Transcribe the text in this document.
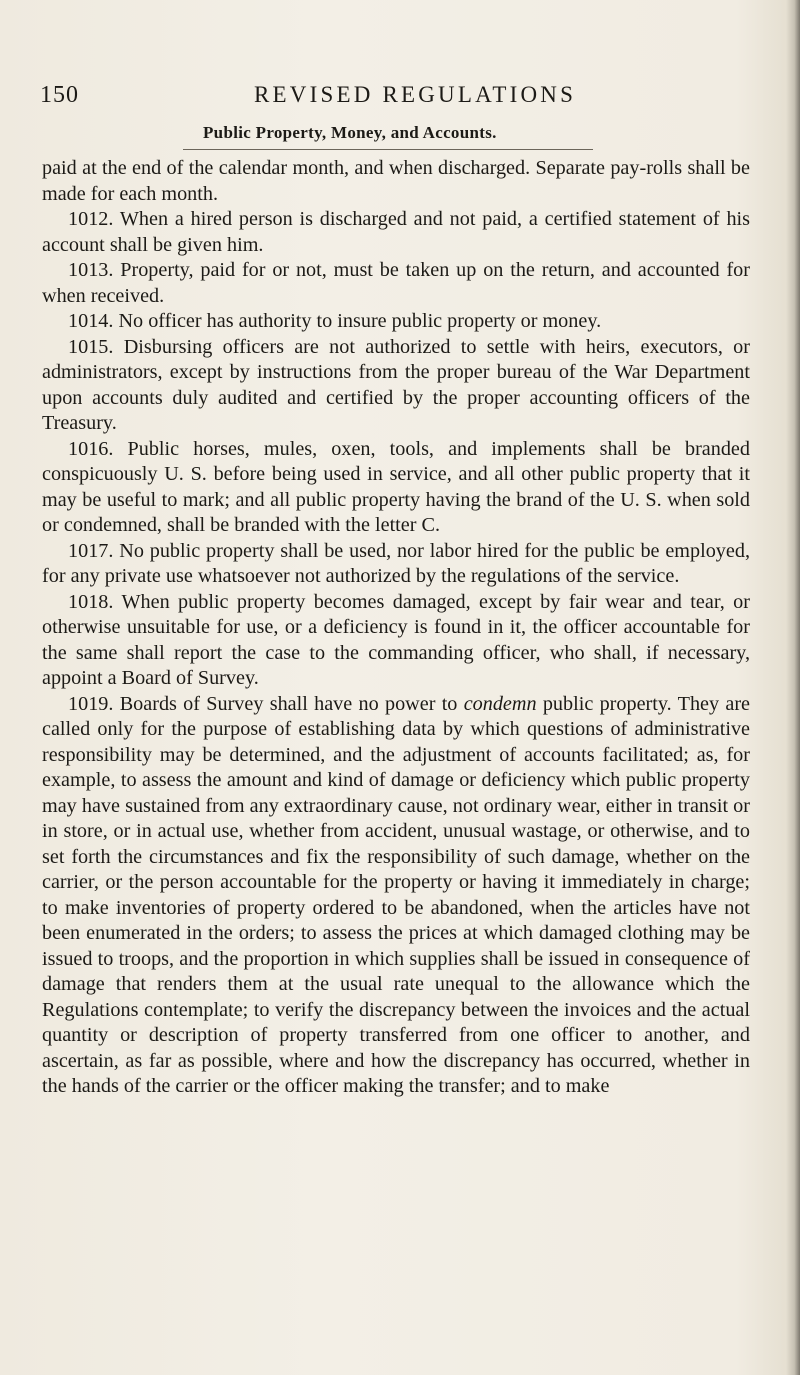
150	REVISED REGULATIONS
Public Property, Money, and Accounts.

paid at the end of the calendar month, and when discharged. Separate pay-rolls shall be made for each month.

1012. When a hired person is discharged and not paid, a certified statement of his account shall be given him.

1013. Property, paid for or not, must be taken up on the return, and accounted for when received.

1014. No officer has authority to insure public property or money.

1015. Disbursing officers are not authorized to settle with heirs, executors, or administrators, except by instructions from the proper bureau of the War Department upon accounts duly audited and certified by the proper accounting officers of the Treasury.

1016. Public horses, mules, oxen, tools, and implements shall be branded conspicuously U. S. before being used in service, and all other public property that it may be useful to mark; and all public property having the brand of the U. S. when sold or condemned, shall be branded with the letter C.

1017. No public property shall be used, nor labor hired for the public be employed, for any private use whatsoever not authorized by the regulations of the service.

1018. When public property becomes damaged, except by fair wear and tear, or otherwise unsuitable for use, or a deficiency is found in it, the officer accountable for the same shall report the case to the commanding officer, who shall, if necessary, appoint a Board of Survey.

1019. Boards of Survey shall have no power to condemn public property. They are called only for the purpose of establishing data by which questions of administrative responsibility may be determined, and the adjustment of accounts facilitated; as, for example, to assess the amount and kind of damage or deficiency which public property may have sustained from any extraordinary cause, not ordinary wear, either in transit or in store, or in actual use, whether from accident, unusual wastage, or otherwise, and to set forth the circumstances and fix the responsibility of such damage, whether on the carrier, or the person accountable for the property or having it immediately in charge; to make inventories of property ordered to be abandoned, when the articles have not been enumerated in the orders; to assess the prices at which damaged clothing may be issued to troops, and the proportion in which supplies shall be issued in consequence of damage that renders them at the usual rate unequal to the allowance which the Regulations contemplate; to verify the discrepancy between the invoices and the actual quantity or description of property transferred from one officer to another, and ascertain, as far as possible, where and how the discrepancy has occurred, whether in the hands of the carrier or the officer making the transfer; and to make
